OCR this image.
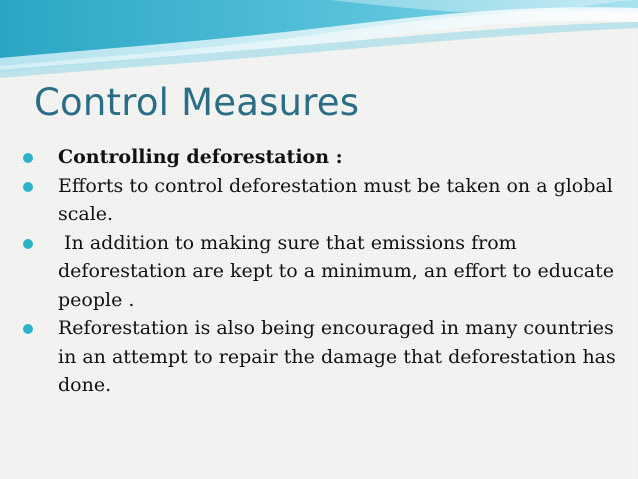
Control Measures
Controlling deforestation :
Efforts to control deforestation must be taken on a global scale.
In addition to making sure that emissions from deforestation are kept to a minimum, an effort to educate people .
Reforestation is also being encouraged in many countries in an attempt to repair the damage that deforestation has done.
